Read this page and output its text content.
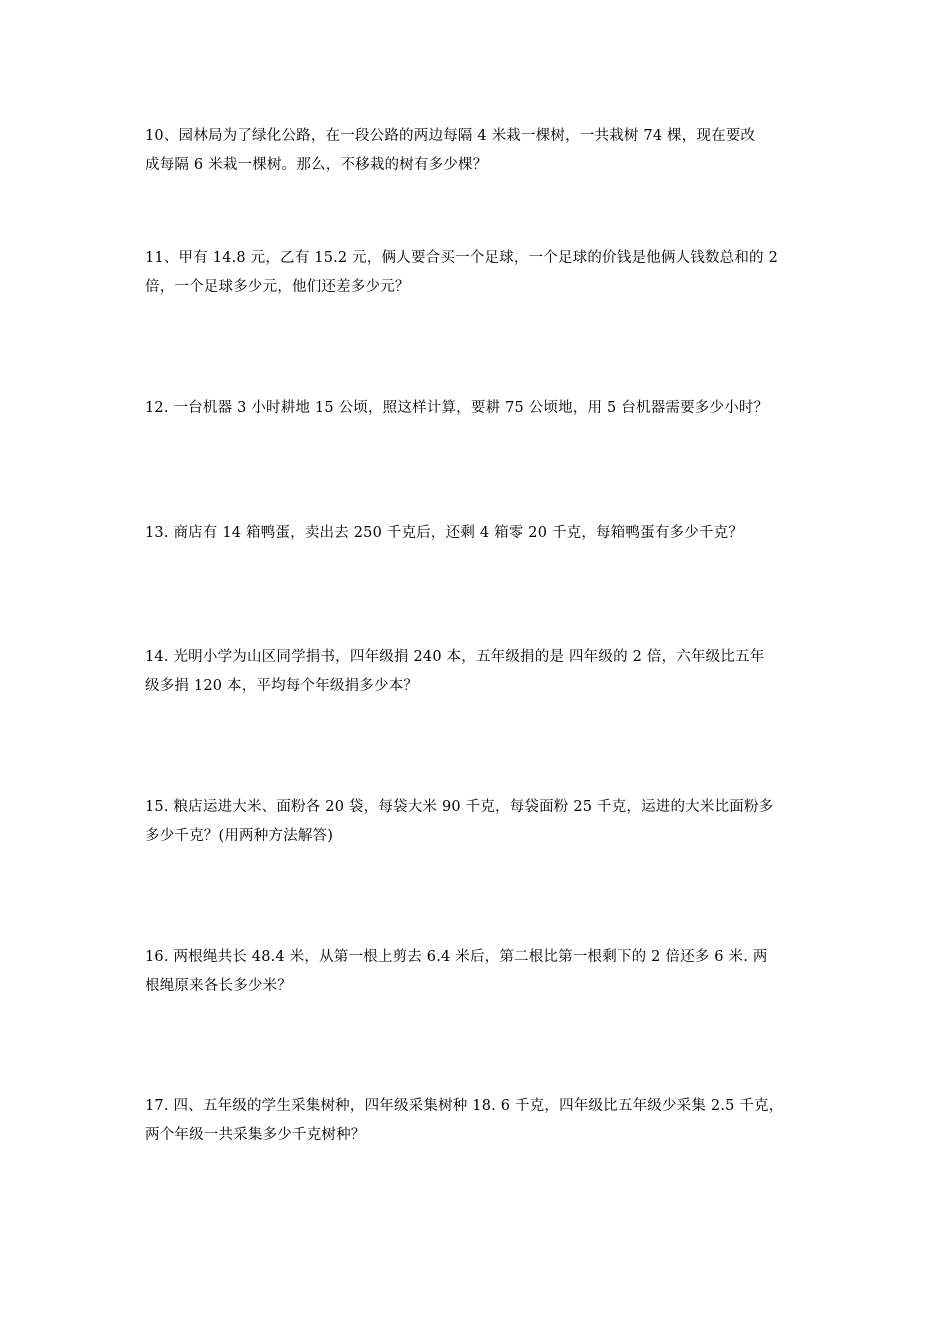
10、园林局为了绿化公路，在一段公路的两边每隔 4 米栽一棵树，一共栽树 74 棵，现在要改

成每隔 6 米栽一棵树。那么，不移栽的树有多少棵？

11、甲有 14.8 元，乙有 15.2 元，俩人要合买一个足球，一个足球的价钱是他俩人钱数总和的 2

倍，一个足球多少元，他们还差多少元？

12. 一台机器 3 小时耕地 15 公顷，照这样计算，要耕 75 公顷地，用 5 台机器需要多少小时？

13. 商店有 14 箱鸭蛋，卖出去 250 千克后，还剩 4 箱零 20 千克，每箱鸭蛋有多少千克？

14. 光明小学为山区同学捐书，四年级捐 240 本，五年级捐的是 四年级的 2 倍，六年级比五年

级多捐 120 本，平均每个年级捐多少本？

15. 粮店运进大米、面粉各 20 袋，每袋大米 90 千克，每袋面粉 25 千克，运进的大米比面粉多

多少千克？(用两种方法解答)

16. 两根绳共长 48.4 米，从第一根上剪去 6.4 米后，第二根比第一根剩下的 2 倍还多 6 米. 两

根绳原来各长多少米？

17. 四、五年级的学生采集树种，四年级采集树种 18. 6 千克，四年级比五年级少采集 2.5 千克，

两个年级一共采集多少千克树种？
